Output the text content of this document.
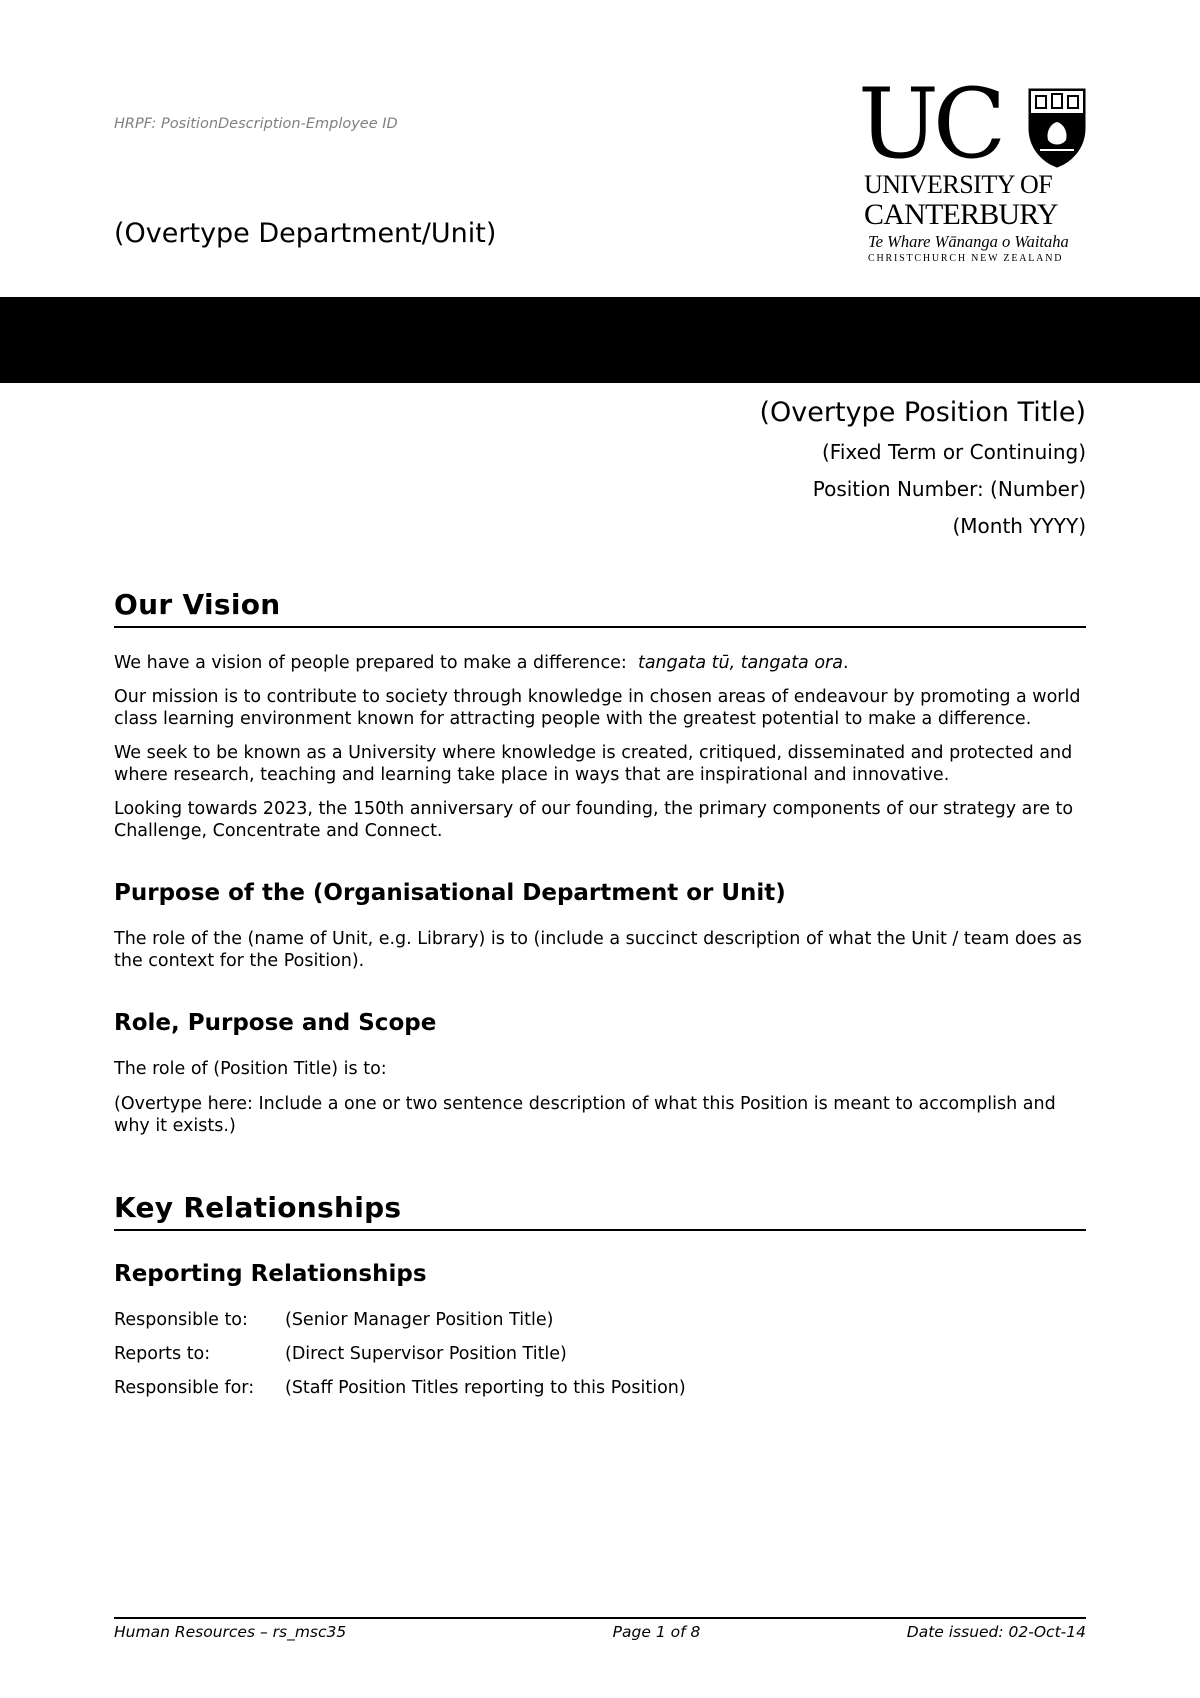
HRPF: PositionDescription-Employee ID
(Overtype Department/Unit)
UC
UNIVERSITY OF
CANTERBURY
Te Whare Wānanga o Waitaha
CHRISTCHURCH NEW ZEALAND
(Overtype Position Title)
(Fixed Term or Continuing)
Position Number: (Number)
(Month YYYY)
Our Vision

We have a vision of people prepared to make a difference: tangata tū, tangata ora.

Our mission is to contribute to society through knowledge in chosen areas of endeavour by promoting a world class learning environment known for attracting people with the greatest potential to make a difference.

We seek to be known as a University where knowledge is created, critiqued, disseminated and protected and where research, teaching and learning take place in ways that are inspirational and innovative.

Looking towards 2023, the 150th anniversary of our founding, the primary components of our strategy are to Challenge, Concentrate and Connect.

Purpose of the (Organisational Department or Unit)

The role of the (name of Unit, e.g. Library) is to (include a succinct description of what the Unit / team does as the context for the Position).

Role, Purpose and Scope

The role of (Position Title) is to:

(Overtype here: Include a one or two sentence description of what this Position is meant to accomplish and why it exists.)

Key Relationships
Reporting Relationships
Responsible to:	(Senior Manager Position Title)
Reports to:	(Direct Supervisor Position Title)
Responsible for:	(Staff Position Titles reporting to this Position)
Human Resources – rs_msc35	Page 1 of 8	Date issued: 02-Oct-14
